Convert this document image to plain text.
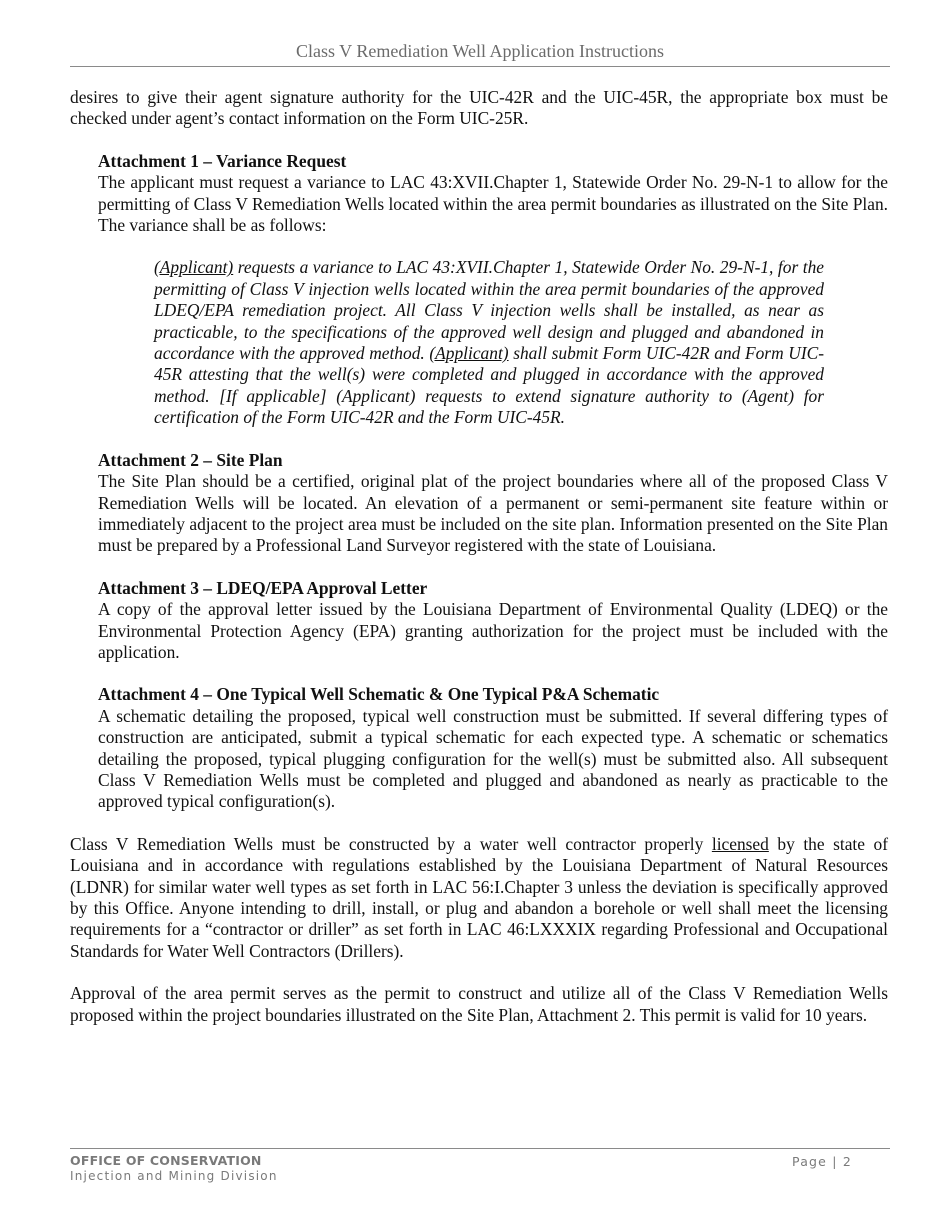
Class V Remediation Well Application Instructions

desires to give their agent signature authority for the UIC-42R and the UIC-45R, the appropriate box must be checked under agent’s contact information on the Form UIC-25R.

Attachment 1 – Variance Request

The applicant must request a variance to LAC 43:XVII.Chapter 1, Statewide Order No. 29-N-1 to allow for the permitting of Class V Remediation Wells located within the area permit boundaries as illustrated on the Site Plan. The variance shall be as follows:

(Applicant) requests a variance to LAC 43:XVII.Chapter 1, Statewide Order No. 29-N-1, for the permitting of Class V injection wells located within the area permit boundaries of the approved LDEQ/EPA remediation project. All Class V injection wells shall be installed, as near as practicable, to the specifications of the approved well design and plugged and abandoned in accordance with the approved method. (Applicant) shall submit Form UIC-42R and Form UIC-45R attesting that the well(s) were completed and plugged in accordance with the approved method. [If applicable] (Applicant) requests to extend signature authority to (Agent) for certification of the Form UIC-42R and the Form UIC-45R.

Attachment 2 – Site Plan

The Site Plan should be a certified, original plat of the project boundaries where all of the proposed Class V Remediation Wells will be located. An elevation of a permanent or semi-permanent site feature within or immediately adjacent to the project area must be included on the site plan. Information presented on the Site Plan must be prepared by a Professional Land Surveyor registered with the state of Louisiana.

Attachment 3 – LDEQ/EPA Approval Letter

A copy of the approval letter issued by the Louisiana Department of Environmental Quality (LDEQ) or the Environmental Protection Agency (EPA) granting authorization for the project must be included with the application.

Attachment 4 – One Typical Well Schematic & One Typical P&A Schematic

A schematic detailing the proposed, typical well construction must be submitted. If several differing types of construction are anticipated, submit a typical schematic for each expected type. A schematic or schematics detailing the proposed, typical plugging configuration for the well(s) must be submitted also. All subsequent Class V Remediation Wells must be completed and plugged and abandoned as nearly as practicable to the approved typical configuration(s).

Class V Remediation Wells must be constructed by a water well contractor properly licensed by the state of Louisiana and in accordance with regulations established by the Louisiana Department of Natural Resources (LDNR) for similar water well types as set forth in LAC 56:I.Chapter 3 unless the deviation is specifically approved by this Office. Anyone intending to drill, install, or plug and abandon a borehole or well shall meet the licensing requirements for a “contractor or driller” as set forth in LAC 46:LXXXIX regarding Professional and Occupational Standards for Water Well Contractors (Drillers).

Approval of the area permit serves as the permit to construct and utilize all of the Class V Remediation Wells proposed within the project boundaries illustrated on the Site Plan, Attachment 2. This permit is valid for 10 years.

OFFICE OF CONSERVATION
Injection and Mining Division
Page | 2
